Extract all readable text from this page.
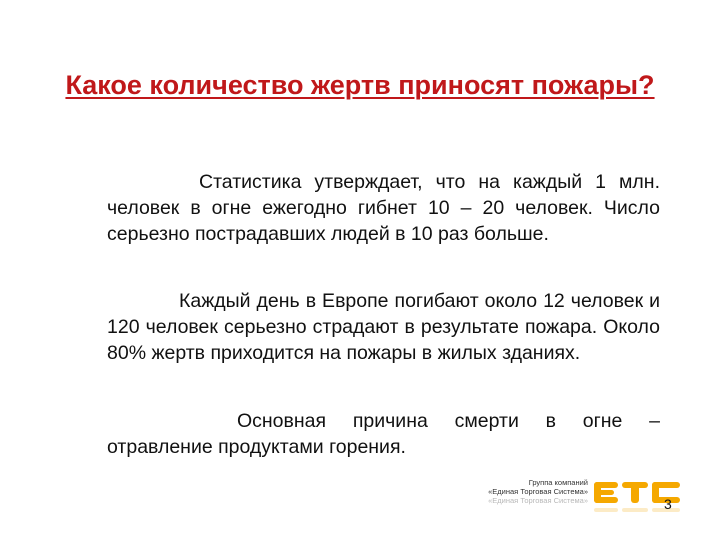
Какое количество жертв приносят пожары?

Статистика утверждает, что на каждый 1 млн. человек в огне ежегодно гибнет 10 – 20 человек. Число серьезно пострадавших людей в 10 раз больше.

Каждый день в Европе погибают около 12 человек и 120 человек серьезно страдают в результате пожара. Около 80% жертв приходится на пожары в жилых зданиях.

Основная причина смерти в огне – отравление продуктами горения.

Группа компаний
«Единая Торговая Система»
«Единая Торговая Система»	3
